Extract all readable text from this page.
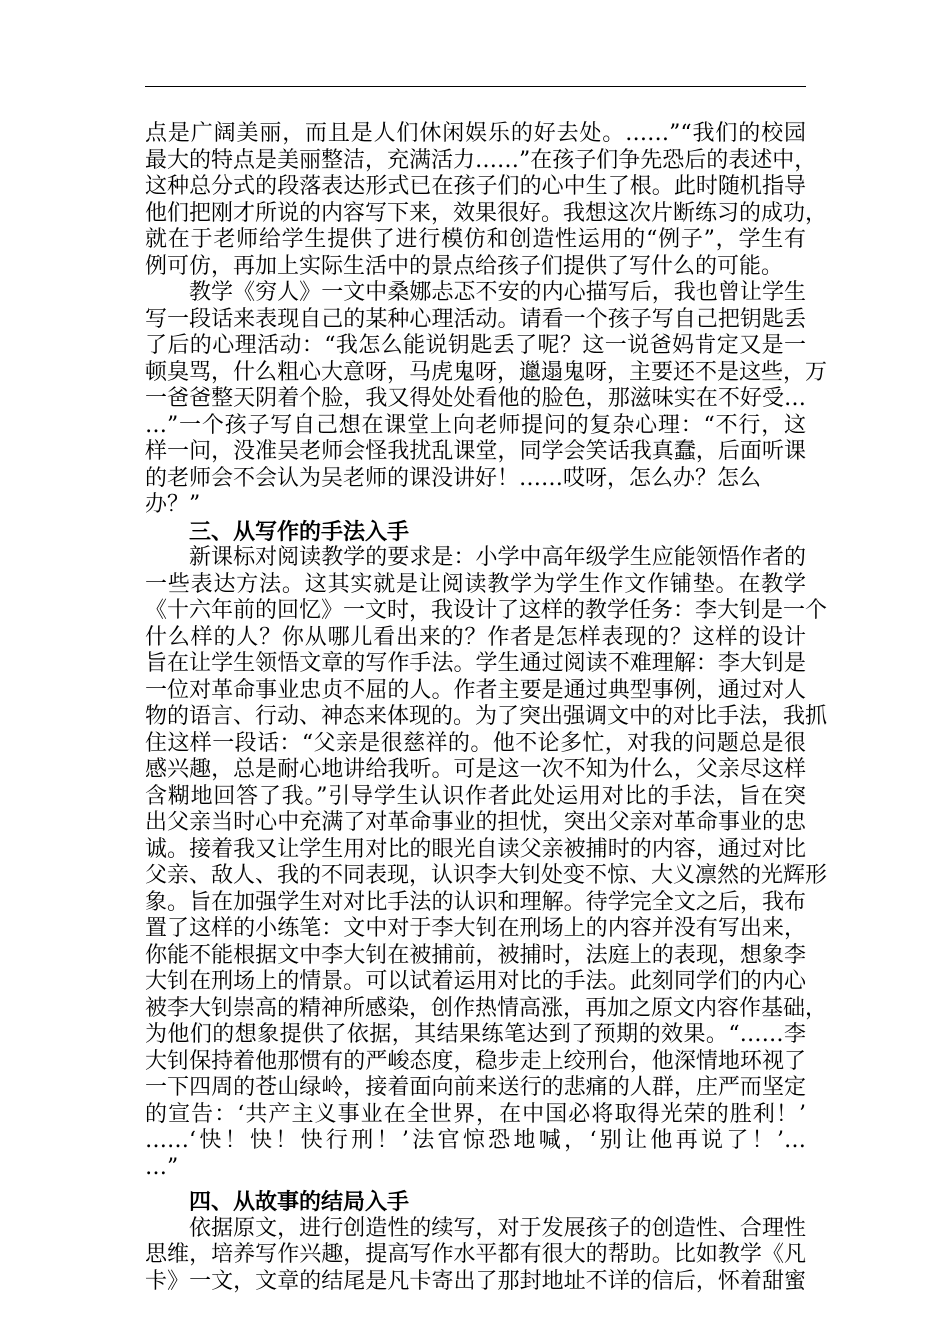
点是广阔美丽，而且是人们休闲娱乐的好去处。……”“我们的校园
最大的特点是美丽整洁，充满活力……”在孩子们争先恐后的表述中，
这种总分式的段落表达形式已在孩子们的心中生了根。此时随机指导
他们把刚才所说的内容写下来，效果很好。我想这次片断练习的成功，
就在于老师给学生提供了进行模仿和创造性运用的“例子”，学生有
例可仿，再加上实际生活中的景点给孩子们提供了写什么的可能。
教学《穷人》一文中桑娜忐忑不安的内心描写后，我也曾让学生
写一段话来表现自己的某种心理活动。请看一个孩子写自己把钥匙丢
了后的心理活动：“我怎么能说钥匙丢了呢？这一说爸妈肯定又是一
顿臭骂，什么粗心大意呀，马虎鬼呀，邋遢鬼呀，主要还不是这些，万
一爸爸整天阴着个脸，我又得处处看他的脸色，那滋味实在不好受…
…”一个孩子写自己想在课堂上向老师提问的复杂心理：“不行，这
样一问，没准吴老师会怪我扰乱课堂，同学会笑话我真蠢，后面听课
的老师会不会认为吴老师的课没讲好！……哎呀，怎么办？怎么
办？”
三、从写作的手法入手
新课标对阅读教学的要求是：小学中高年级学生应能领悟作者的
一些表达方法。这其实就是让阅读教学为学生作文作铺垫。在教学
《十六年前的回忆》一文时，我设计了这样的教学任务：李大钊是一个
什么样的人？你从哪儿看出来的？作者是怎样表现的？这样的设计
旨在让学生领悟文章的写作手法。学生通过阅读不难理解：李大钊是
一位对革命事业忠贞不屈的人。作者主要是通过典型事例，通过对人
物的语言、行动、神态来体现的。为了突出强调文中的对比手法，我抓
住这样一段话：“父亲是很慈祥的。他不论多忙，对我的问题总是很
感兴趣，总是耐心地讲给我听。可是这一次不知为什么，父亲尽这样
含糊地回答了我。”引导学生认识作者此处运用对比的手法，旨在突
出父亲当时心中充满了对革命事业的担忧，突出父亲对革命事业的忠
诚。接着我又让学生用对比的眼光自读父亲被捕时的内容，通过对比
父亲、敌人、我的不同表现，认识李大钊处变不惊、大义凛然的光辉形
象。旨在加强学生对对比手法的认识和理解。待学完全文之后，我布
置了这样的小练笔：文中对于李大钊在刑场上的内容并没有写出来，
你能不能根据文中李大钊在被捕前，被捕时，法庭上的表现，想象李
大钊在刑场上的情景。可以试着运用对比的手法。此刻同学们的内心
被李大钊崇高的精神所感染，创作热情高涨，再加之原文内容作基础，
为他们的想象提供了依据，其结果练笔达到了预期的效果。“……李
大钊保持着他那惯有的严峻态度，稳步走上绞刑台，他深情地环视了
一下四周的苍山绿岭，接着面向前来送行的悲痛的人群，庄严而坚定
的宣告：‘共产主义事业在全世界，在中国必将取得光荣的胜利！’
……‘快！快！快行刑！’法官惊恐地喊，‘别让他再说了！’…
…”
四、从故事的结局入手
依据原文，进行创造性的续写，对于发展孩子的创造性、合理性
思维，培养写作兴趣，提高写作水平都有很大的帮助。比如教学《凡
卡》一文，文章的结尾是凡卡寄出了那封地址不详的信后，怀着甜蜜
